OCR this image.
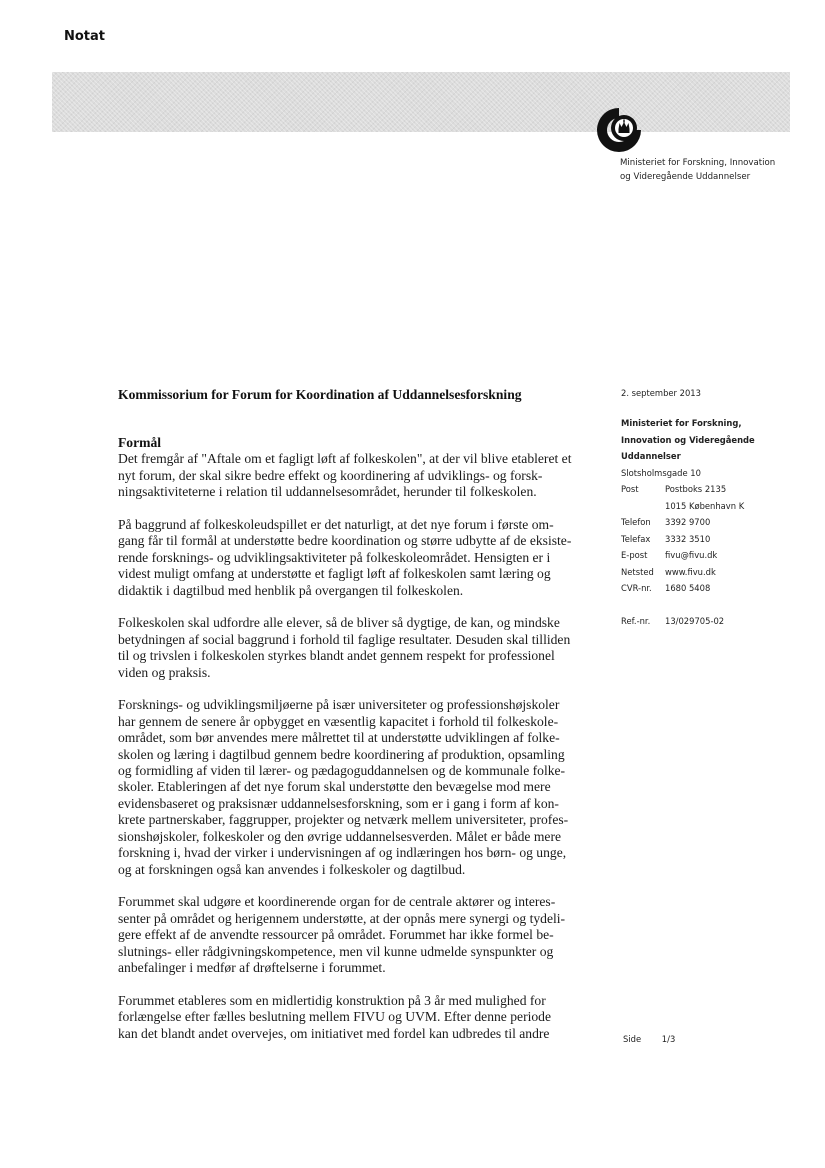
Notat
Ministeriet for Forskning, Innovation
og Videregående Uddannelser
Kommissorium for Forum for Koordination af Uddannelsesforskning	2. september 2013
Ministeriet for Forskning,
Innovation og Videregående
Uddannelser
Slotsholmsgade 10
Post	Postboks 2135
1015 København K
Telefon	3392 9700
Telefax	3332 3510
E-post	fivu@fivu.dk
Netsted	www.fivu.dk
CVR-nr.	1680 5408
Ref.-nr.	13/029705-02
Formål
Det fremgår af "Aftale om et fagligt løft af folkeskolen", at der vil blive etableret et
nyt forum, der skal sikre bedre effekt og koordinering af udviklings- og forsk-
ningsaktiviteterne i relation til uddannelsesområdet, herunder til folkeskolen.
På baggrund af folkeskoleudspillet er det naturligt, at det nye forum i første om-
gang får til formål at understøtte bedre koordination og større udbytte af de eksiste-
rende forsknings- og udviklingsaktiviteter på folkeskoleområdet. Hensigten er i
videst muligt omfang at understøtte et fagligt løft af folkeskolen samt læring og
didaktik i dagtilbud med henblik på overgangen til folkeskolen.
Folkeskolen skal udfordre alle elever, så de bliver så dygtige, de kan, og mindske
betydningen af social baggrund i forhold til faglige resultater. Desuden skal tilliden
til og trivslen i folkeskolen styrkes blandt andet gennem respekt for professionel
viden og praksis.
Forsknings- og udviklingsmiljøerne på især universiteter og professionshøjskoler
har gennem de senere år opbygget en væsentlig kapacitet i forhold til folkeskole-
området, som bør anvendes mere målrettet til at understøtte udviklingen af folke-
skolen og læring i dagtilbud gennem bedre koordinering af produktion, opsamling
og formidling af viden til lærer- og pædagoguddannelsen og de kommunale folke-
skoler. Etableringen af det nye forum skal understøtte den bevægelse mod mere
evidensbaseret og praksisnær uddannelsesforskning, som er i gang i form af kon-
krete partnerskaber, faggrupper, projekter og netværk mellem universiteter, profes-
sionshøjskoler, folkeskoler og den øvrige uddannelsesverden. Målet er både mere
forskning i, hvad der virker i undervisningen af og indlæringen hos børn- og unge,
og at forskningen også kan anvendes i folkeskoler og dagtilbud.
Forummet skal udgøre et koordinerende organ for de centrale aktører og interes-
senter på området og herigennem understøtte, at der opnås mere synergi og tydeli-
gere effekt af de anvendte ressourcer på området. Forummet har ikke formel be-
slutnings- eller rådgivningskompetence, men vil kunne udmelde synspunkter og
anbefalinger i medfør af drøftelserne i forummet.
Forummet etableres som en midlertidig konstruktion på 3 år med mulighed for
forlængelse efter fælles beslutning mellem FIVU og UVM. Efter denne periode
kan det blandt andet overvejes, om initiativet med fordel kan udbredes til andre	Side 1/3
